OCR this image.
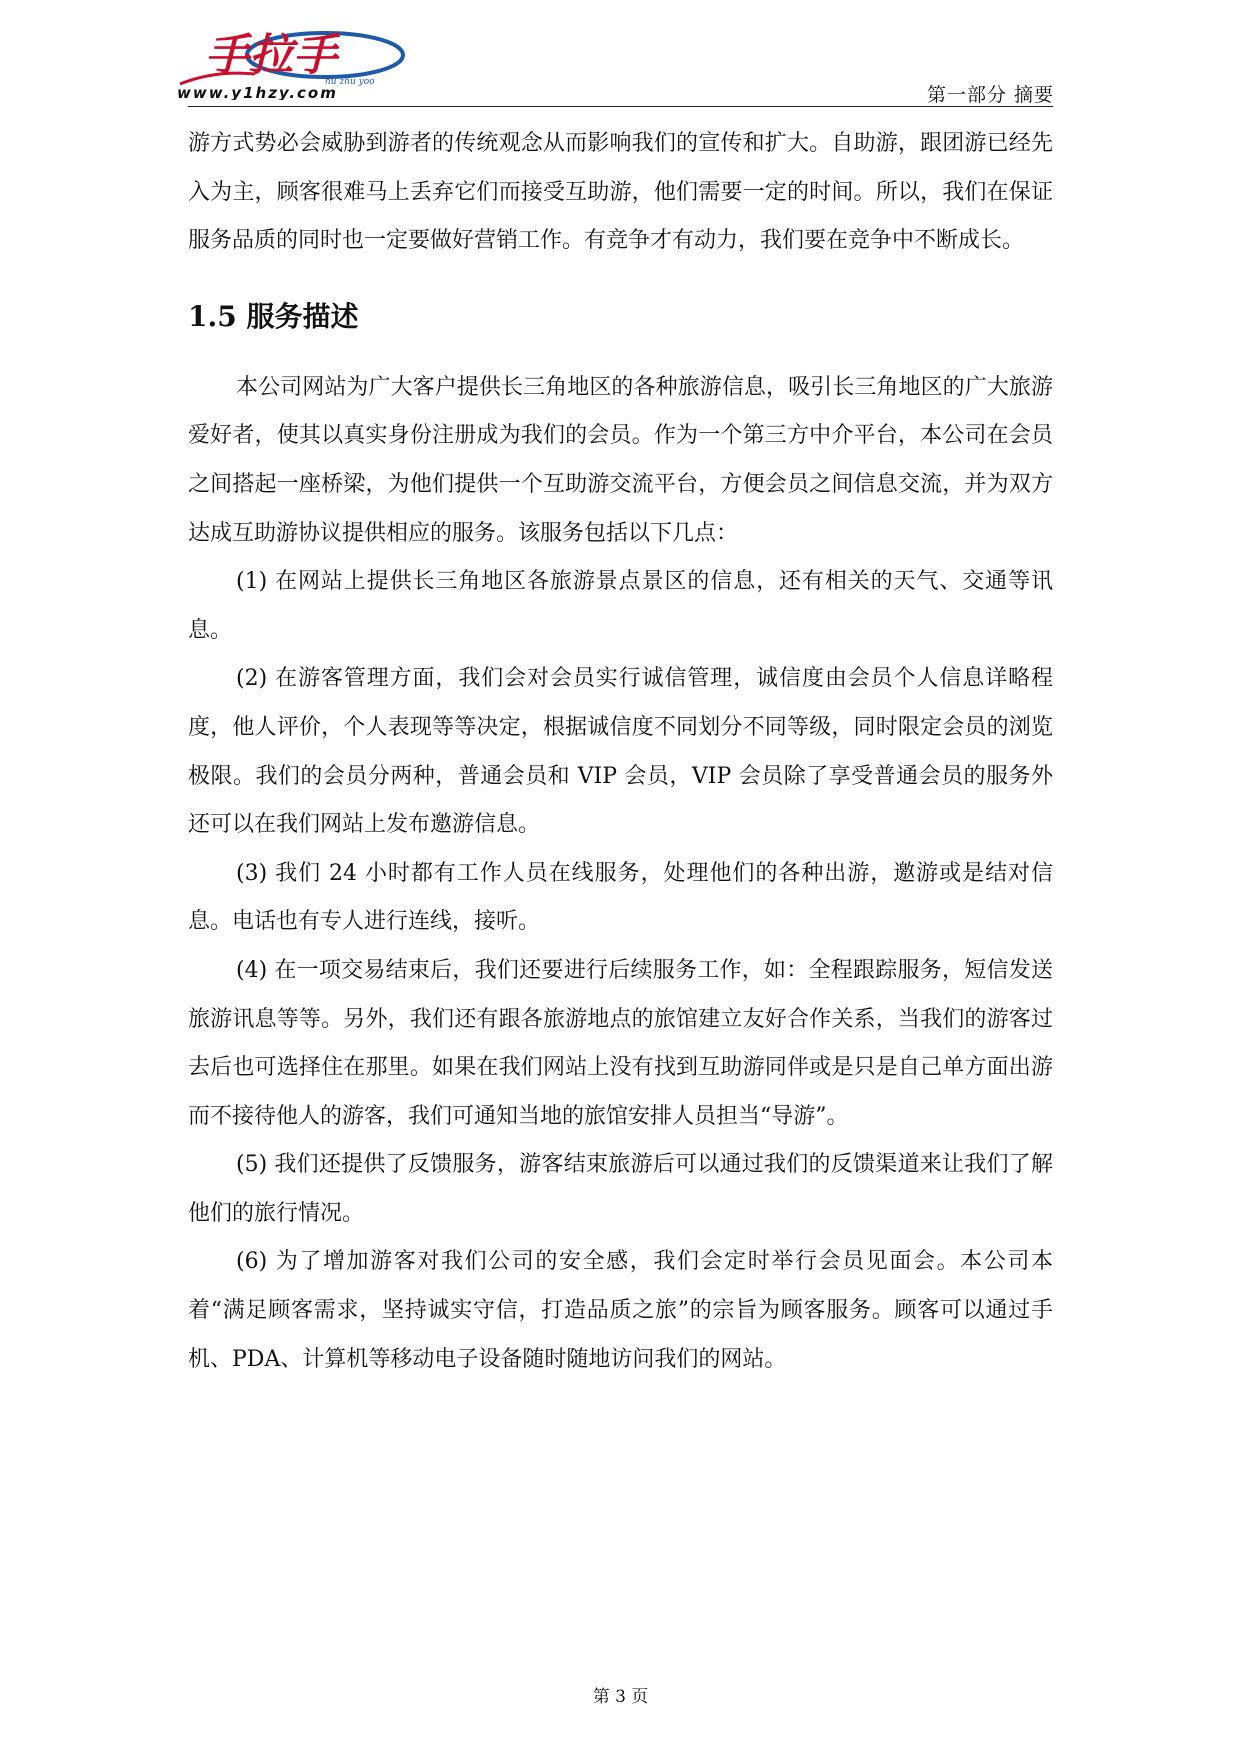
手拉手
hu zhu yoo
www.y1hzy.com	第一部分 摘要

游方式势必会威胁到游者的传统观念从而影响我们的宣传和扩大。自助游，跟团游已经先入为主，顾客很难马上丢弃它们而接受互助游，他们需要一定的时间。所以，我们在保证服务品质的同时也一定要做好营销工作。有竞争才有动力，我们要在竞争中不断成长。

1.5 服务描述

本公司网站为广大客户提供长三角地区的各种旅游信息，吸引长三角地区的广大旅游爱好者，使其以真实身份注册成为我们的会员。作为一个第三方中介平台，本公司在会员之间搭起一座桥梁，为他们提供一个互助游交流平台，方便会员之间信息交流，并为双方达成互助游协议提供相应的服务。该服务包括以下几点：

(1) 在网站上提供长三角地区各旅游景点景区的信息，还有相关的天气、交通等讯息。

(2) 在游客管理方面，我们会对会员实行诚信管理，诚信度由会员个人信息详略程度，他人评价，个人表现等等决定，根据诚信度不同划分不同等级，同时限定会员的浏览极限。我们的会员分两种，普通会员和 VIP 会员，VIP 会员除了享受普通会员的服务外还可以在我们网站上发布邀游信息。

(3) 我们 24 小时都有工作人员在线服务，处理他们的各种出游，邀游或是结对信息。电话也有专人进行连线，接听。

(4) 在一项交易结束后，我们还要进行后续服务工作，如：全程跟踪服务，短信发送旅游讯息等等。另外，我们还有跟各旅游地点的旅馆建立友好合作关系，当我们的游客过去后也可选择住在那里。如果在我们网站上没有找到互助游同伴或是只是自己单方面出游而不接待他人的游客，我们可通知当地的旅馆安排人员担当“导游”。

(5) 我们还提供了反馈服务，游客结束旅游后可以通过我们的反馈渠道来让我们了解他们的旅行情况。

(6) 为了增加游客对我们公司的安全感，我们会定时举行会员见面会。本公司本着“满足顾客需求，坚持诚实守信，打造品质之旅”的宗旨为顾客服务。顾客可以通过手机、PDA、计算机等移动电子设备随时随地访问我们的网站。

第 3 页
